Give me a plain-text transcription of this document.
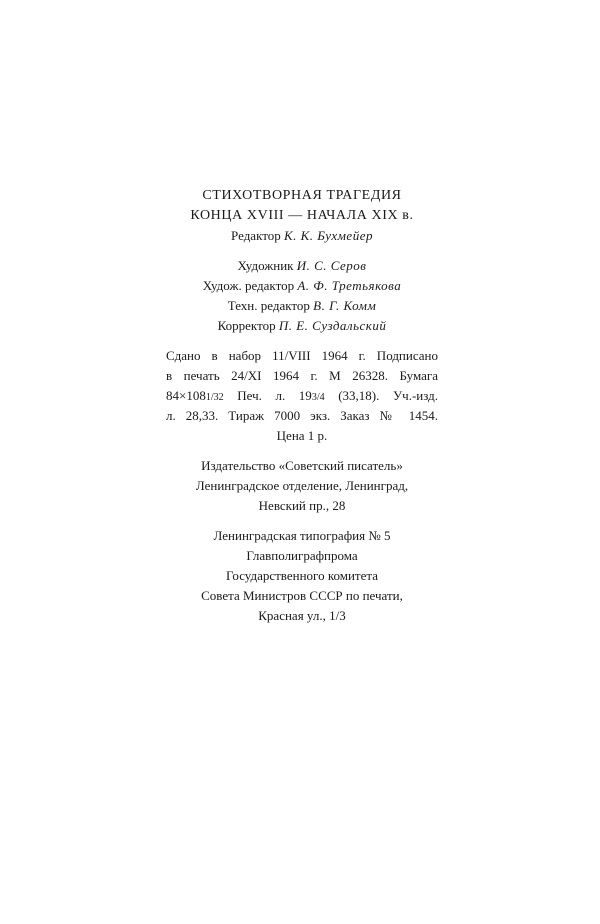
СТИХОТВОРНАЯ ТРАГЕДИЯ
КОНЦА XVIII — НАЧАЛА XIX в.
Редактор К. К. Бухмейер
Художник И. С. Серов
Худож. редактор А. Ф. Третьякова
Техн. редактор В. Г. Комм
Корректор П. Е. Суздальский
Сдано в набор 11/VIII 1964 г. Подписано
в печать 24/XI 1964 г. М 26328. Бумага
84×1081/32 Печ. л. 193/4 (33,18). Уч.-изд.
л. 28,33. Тираж 7000 экз. Заказ № 1454.
Цена 1 р.
Издательство «Советский писатель»
Ленинградское отделение, Ленинград,
Невский пр., 28
Ленинградская типография № 5
Главполиграфпрома
Государственного комитета
Совета Министров СССР по печати,
Красная ул., 1/3
